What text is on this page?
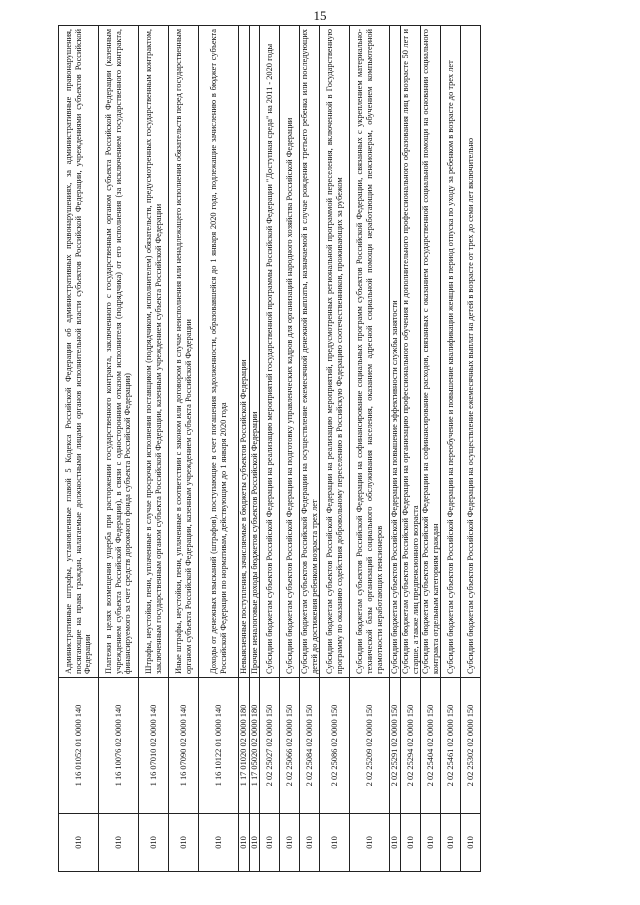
15
010	1 16 01052 01 0000 140	Административные штрафы, установленные главой 5 Кодекса Российской Федерации об административных правонарушениях, за административные правонарушения, посягающие на права граждан, налагаемые должностными лицами органов исполнительной власти субъектов Российской Федерации, учреждениями субъектов Российской Федерации
010	1 16 10076 02 0000 140	Платежи в целях возмещения ущерба при расторжении государственного контракта, заключенного с государственным органом субъекта Российской Федерации (казенным учреждением субъекта Российской Федерации), в связи с односторонним отказом исполнителя (подрядчика) от его исполнения (за исключением государственного контракта, финансируемого за счет средств дорожного фонда субъекта Российской Федерации)
010	1 16 07010 02 0000 140	Штрафы, неустойки, пени, уплаченные в случае просрочки исполнения поставщиком (подрядчиком, исполнителем) обязательств, предусмотренных государственным контрактом, заключенным государственным органом субъекта Российской Федерации, казенным учреждением субъекта Российской Федерации
010	1 16 07090 02 0000 140	Иные штрафы, неустойки, пени, уплаченные в соответствии с законом или договором в случае неисполнения или ненадлежащего исполнения обязательств перед государственным органом субъекта Российской Федерации, казенным учреждением субъекта Российской Федерации
010	1 16 10122 01 0000 140	Доходы от денежных взысканий (штрафов), поступающие в счет погашения задолженности, образовавшейся до 1 января 2020 года, подлежащие зачислению в бюджет субъекта Российской Федерации по нормативам, действующим до 1 января 2020 года
010	1 17 01020 02 0000 180	Невыясненные поступления, зачисляемые в бюджеты субъектов Российской Федерации
010	1 17 05020 02 0000 180	Прочие неналоговые доходы бюджетов субъектов Российской Федерации
010	2 02 25027 02 0000 150	Субсидии бюджетам субъектов Российской Федерации на реализацию мероприятий государственной программы Российской Федерации "Доступная среда" на 2011 - 2020 годы
010	2 02 25066 02 0000 150	Субсидии бюджетам субъектов Российской Федерации на подготовку управленческих кадров для организаций народного хозяйства Российской Федерации
010	2 02 25084 02 0000 150	Субсидии бюджетам субъектов Российской Федерации на осуществление ежемесячной денежной выплаты, назначаемой в случае рождения третьего ребенка или последующих детей до достижения ребенком возраста трех лет
010	2 02 25086 02 0000 150	Субсидии бюджетам субъектов Российской Федерации на реализацию мероприятий, предусмотренных региональной программой переселения, включенной в Государственную программу по оказанию содействия добровольному переселению в Российскую Федерацию соотечественников, проживающих за рубежом
010	2 02 25209 02 0000 150	Субсидии бюджетам субъектов Российской Федерации на софинансирование социальных программ субъектов Российской Федерации, связанных с укреплением материально-технической базы организаций социального обслуживания населения, оказанием адресной социальной помощи неработающим пенсионерам, обучением компьютерной грамотности неработающих пенсионеров
010	2 02 25291 02 0000 150	Субсидии бюджетам субъектов Российской Федерации на повышение эффективности службы занятости
010	2 02 25294 02 0000 150	Субсидии бюджетам субъектов Российской Федерации на организацию профессионального обучения и дополнительного профессионального образования лиц в возрасте 50 лет и старше, а также лиц предпенсионного возраста
010	2 02 25404 02 0000 150	Субсидии бюджетам субъектов Российской Федерации на софинансирование расходов, связанных с оказанием государственной социальной помощи на основании социального контракта отдельным категориям граждан
010	2 02 25461 02 0000 150	Субсидии бюджетам субъектов Российской Федерации на переобучение и повышение квалификации женщин в период отпуска по уходу за ребенком в возрасте до трех лет
010	2 02 25302 02 0000 150	Субсидии бюджетам субъектов Российской Федерации на осуществление ежемесячных выплат на детей в возрасте от трех до семи лет включительно
